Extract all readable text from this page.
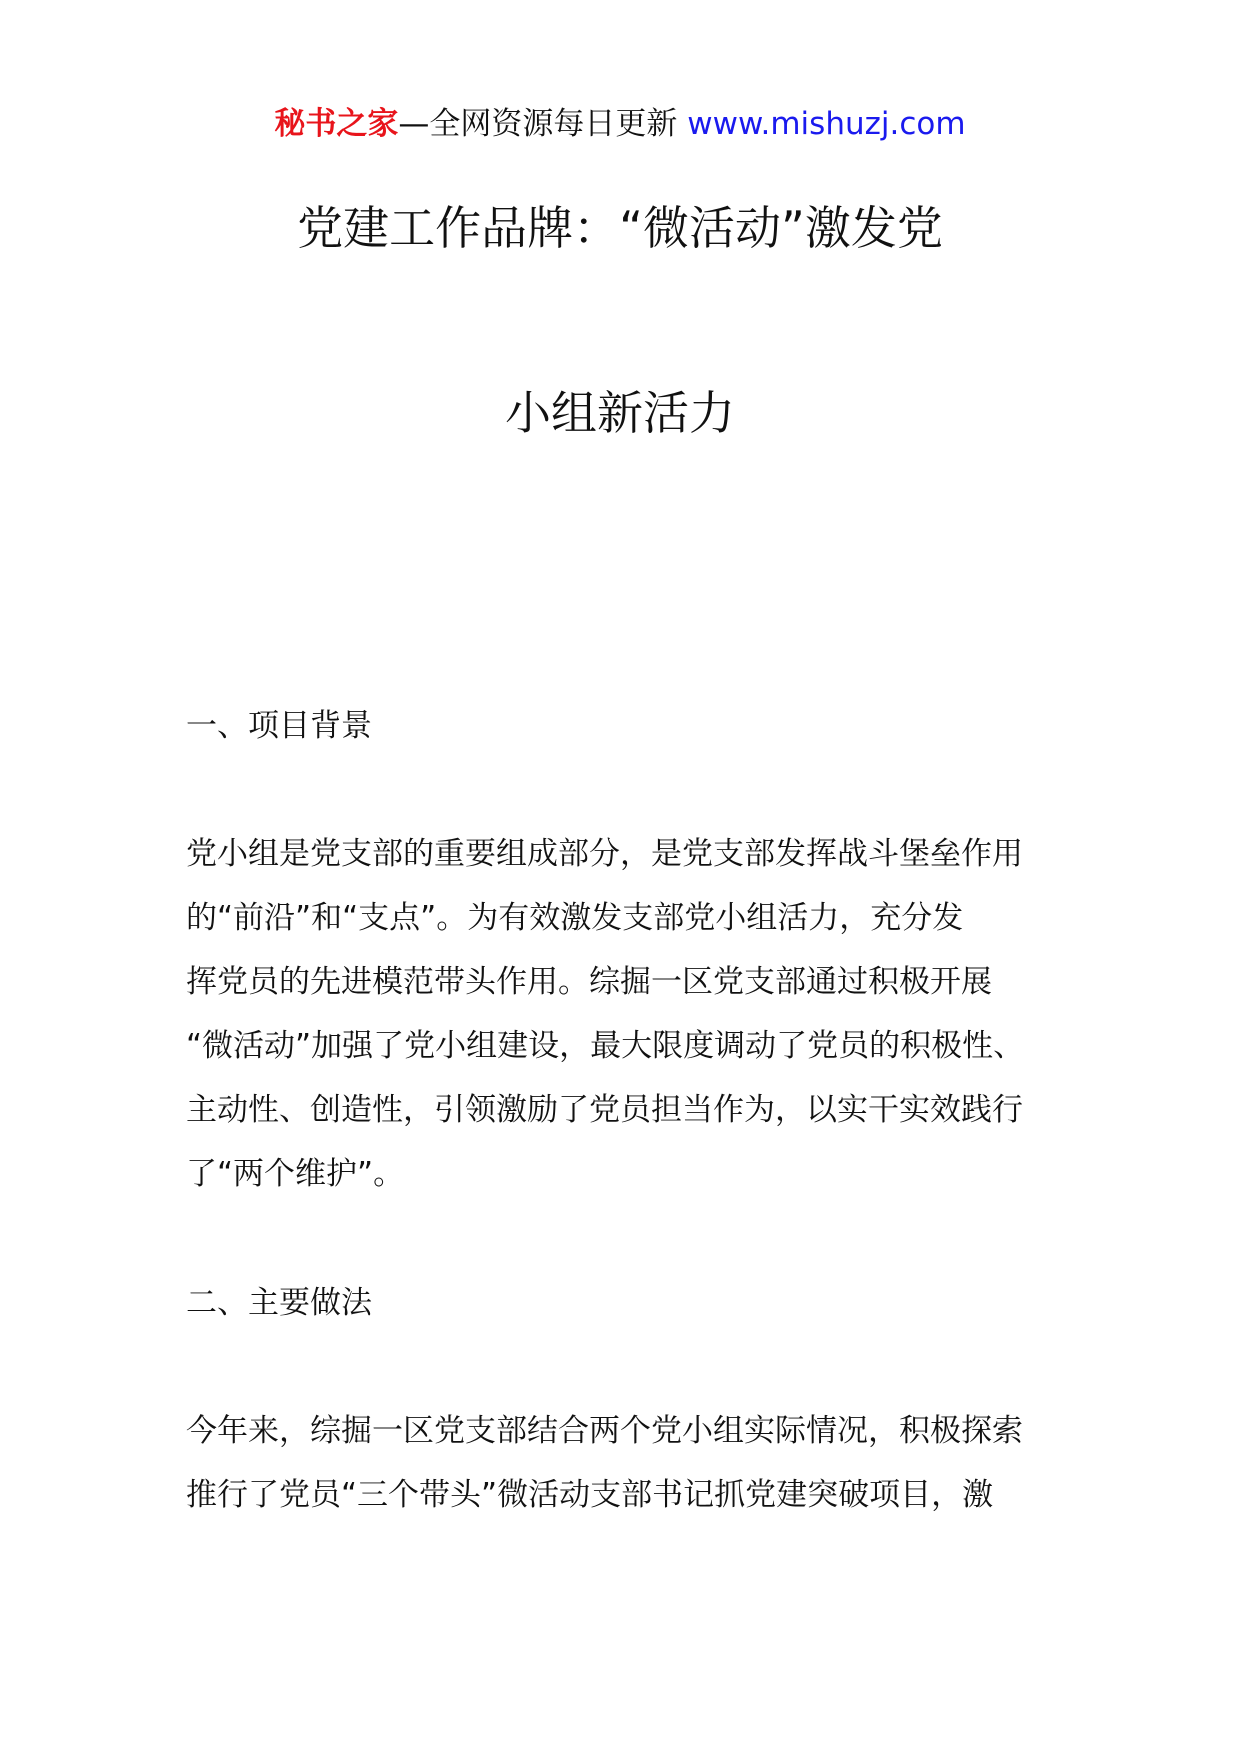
秘书之家—全网资源每日更新 www.mishuzj.com
党建工作品牌：“微活动”激发党
小组新活力
一、项目背景
党小组是党支部的重要组成部分，是党支部发挥战斗堡垒作用
的“前沿”和“支点”。为有效激发支部党小组活力，充分发
挥党员的先进模范带头作用。综掘一区党支部通过积极开展
“微活动”加强了党小组建设，最大限度调动了党员的积极性、
主动性、创造性，引领激励了党员担当作为，以实干实效践行
了“两个维护”。
二、主要做法
今年来，综掘一区党支部结合两个党小组实际情况，积极探索
推行了党员“三个带头”微活动支部书记抓党建突破项目，激
